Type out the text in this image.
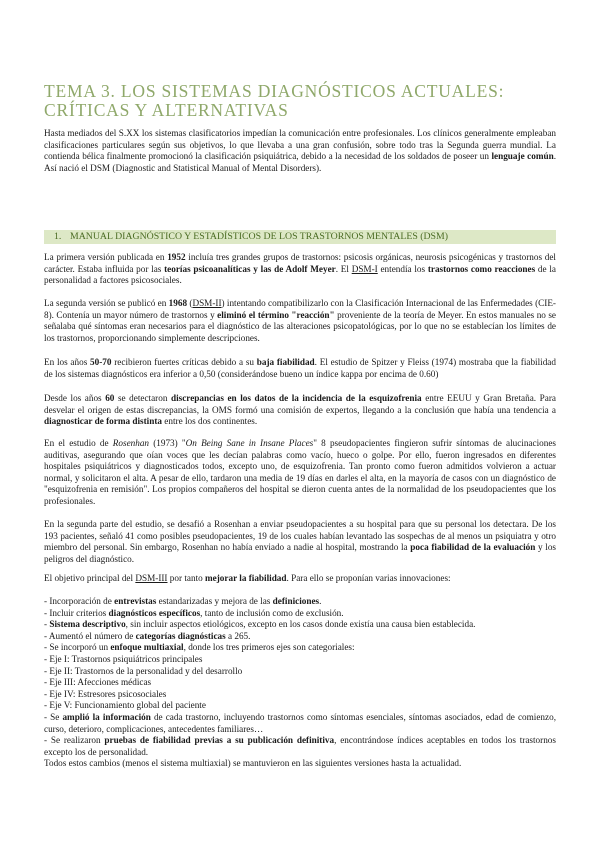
TEMA 3. LOS SISTEMAS DIAGNÓSTICOS ACTUALES: CRÍTICAS Y ALTERNATIVAS

Hasta mediados del S.XX los sistemas clasificatorios impedían la comunicación entre profesionales. Los clínicos generalmente empleaban clasificaciones particulares según sus objetivos, lo que llevaba a una gran confusión, sobre todo tras la Segunda guerra mundial. La contienda bélica finalmente promocionó la clasificación psiquiátrica, debido a la necesidad de los soldados de poseer un lenguaje común. Así nació el DSM (Diagnostic and Statistical Manual of Mental Disorders).

1. MANUAL DIAGNÓSTICO Y ESTADÍSTICOS DE LOS TRASTORNOS MENTALES (DSM)

La primera versión publicada en 1952 incluía tres grandes grupos de trastornos: psicosis orgánicas, neurosis psicogénicas y trastornos del carácter. Estaba influida por las teorías psicoanalíticas y las de Adolf Meyer. El DSM-I entendía los trastornos como reacciones de la personalidad a factores psicosociales.

La segunda versión se publicó en 1968 (DSM-II) intentando compatibilizarlo con la Clasificación Internacional de las Enfermedades (CIE-8). Contenía un mayor número de trastornos y eliminó el término "reacción" proveniente de la teoría de Meyer. En estos manuales no se señalaba qué síntomas eran necesarios para el diagnóstico de las alteraciones psicopatológicas, por lo que no se establecían los límites de los trastornos, proporcionando simplemente descripciones.

En los años 50-70 recibieron fuertes críticas debido a su baja fiabilidad. El estudio de Spitzer y Fleiss (1974) mostraba que la fiabilidad de los sistemas diagnósticos era inferior a 0,50 (considerándose bueno un índice kappa por encima de 0.60)

Desde los años 60 se detectaron discrepancias en los datos de la incidencia de la esquizofrenia entre EEUU y Gran Bretaña. Para desvelar el origen de estas discrepancias, la OMS formó una comisión de expertos, llegando a la conclusión que había una tendencia a diagnosticar de forma distinta entre los dos continentes.

En el estudio de Rosenhan (1973) "On Being Sane in Insane Places" 8 pseudopacientes fingieron sufrir síntomas de alucinaciones auditivas, asegurando que oían voces que les decían palabras como vacío, hueco o golpe. Por ello, fueron ingresados en diferentes hospitales psiquiátricos y diagnosticados todos, excepto uno, de esquizofrenia. Tan pronto como fueron admitidos volvieron a actuar normal, y solicitaron el alta. A pesar de ello, tardaron una media de 19 días en darles el alta, en la mayoría de casos con un diagnóstico de "esquizofrenia en remisión". Los propios compañeros del hospital se dieron cuenta antes de la normalidad de los pseudopacientes que los profesionales.

En la segunda parte del estudio, se desafió a Rosenhan a enviar pseudopacientes a su hospital para que su personal los detectara. De los 193 pacientes, señaló 41 como posibles pseudopacientes, 19 de los cuales habían levantado las sospechas de al menos un psiquiatra y otro miembro del personal. Sin embargo, Rosenhan no había enviado a nadie al hospital, mostrando la poca fiabilidad de la evaluación y los peligros del diagnóstico.

El objetivo principal del DSM-III por tanto mejorar la fiabilidad. Para ello se proponían varias innovaciones:

- Incorporación de entrevistas estandarizadas y mejora de las definiciones.
- Incluir criterios diagnósticos específicos, tanto de inclusión como de exclusión.
- Sistema descriptivo, sin incluir aspectos etiológicos, excepto en los casos donde existía una causa bien establecida.
- Aumentó el número de categorías diagnósticas a 265.
- Se incorporó un enfoque multiaxial, donde los tres primeros ejes son categoriales:
- Eje I: Trastornos psiquiátricos principales
- Eje II: Trastornos de la personalidad y del desarrollo
- Eje III: Afecciones médicas
- Eje IV: Estresores psicosociales
- Eje V: Funcionamiento global del paciente
- Se amplió la información de cada trastorno, incluyendo trastornos como síntomas esenciales, síntomas asociados, edad de comienzo, curso, deterioro, complicaciones, antecedentes familiares…
- Se realizaron pruebas de fiabilidad previas a su publicación definitiva, encontrándose índices aceptables en todos los trastornos excepto los de personalidad.

Todos estos cambios (menos el sistema multiaxial) se mantuvieron en las siguientes versiones hasta la actualidad.
